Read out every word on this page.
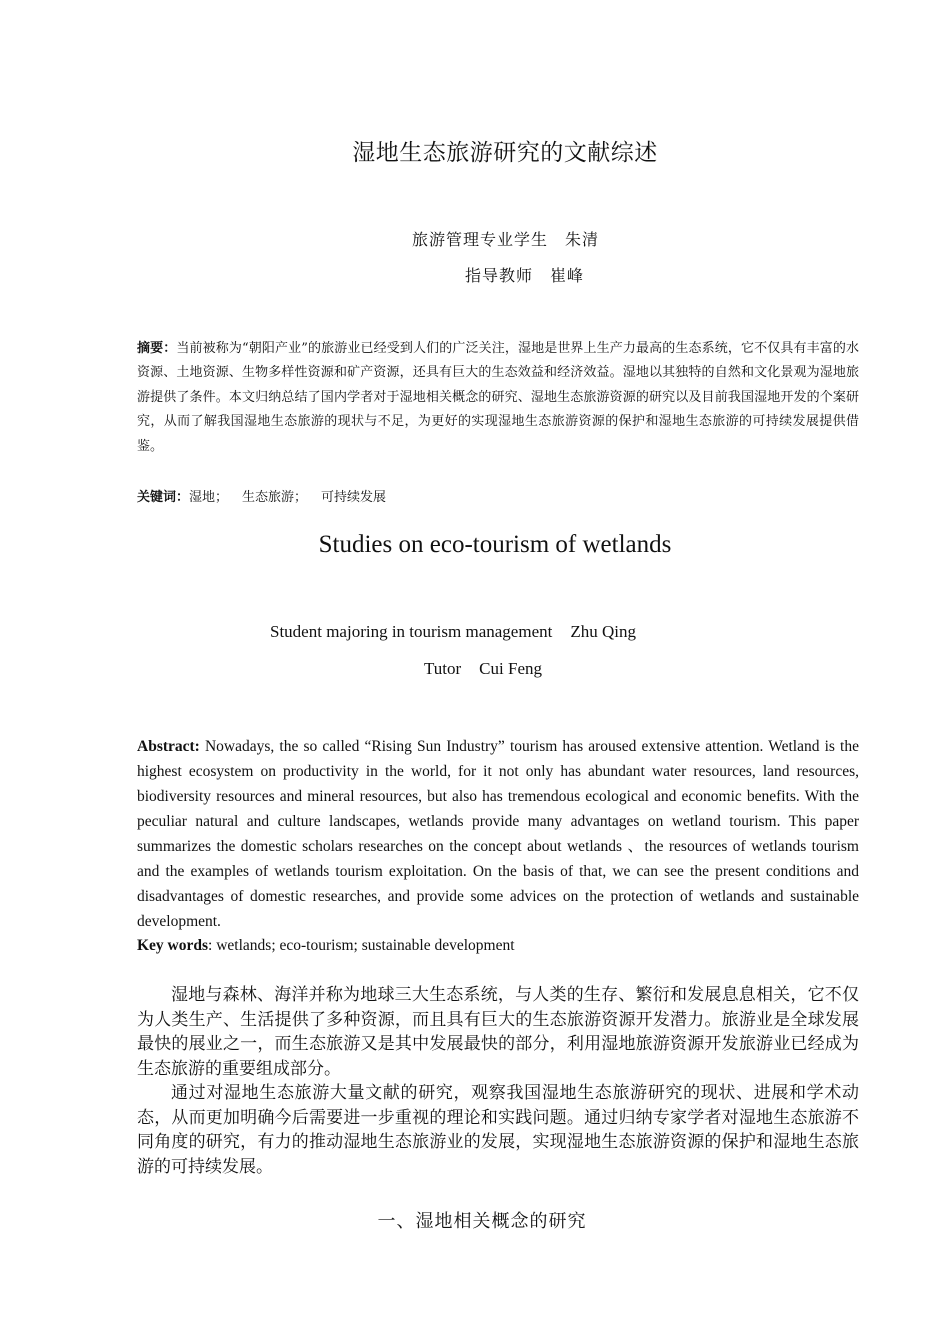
湿地生态旅游研究的文献综述
旅游管理专业学生　朱清
指导教师　崔峰
摘要：当前被称为“朝阳产业”的旅游业已经受到人们的广泛关注，湿地是世界上生产力最高的生态系统，它不仅具有丰富的水资源、土地资源、生物多样性资源和矿产资源，还具有巨大的生态效益和经济效益。湿地以其独特的自然和文化景观为湿地旅游提供了条件。本文归纳总结了国内学者对于湿地相关概念的研究、湿地生态旅游资源的研究以及目前我国湿地开发的个案研究，从而了解我国湿地生态旅游的现状与不足，为更好的实现湿地生态旅游资源的保护和湿地生态旅游的可持续发展提供借鉴。
关键词：湿地； 生态旅游； 可持续发展
Studies on eco-tourism of wetlands
Student majoring in tourism management Zhu Qing
Tutor Cui Feng
Abstract: Nowadays, the so called “Rising Sun Industry” tourism has aroused extensive attention. Wetland is the highest ecosystem on productivity in the world, for it not only has abundant water resources, land resources, biodiversity resources and mineral resources, but also has tremendous ecological and economic benefits. With the peculiar natural and culture landscapes, wetlands provide many advantages on wetland tourism. This paper summarizes the domestic scholars researches on the concept about wetlands 、the resources of wetlands tourism and the examples of wetlands tourism exploitation. On the basis of that, we can see the present conditions and disadvantages of domestic researches, and provide some advices on the protection of wetlands and sustainable development.
Key words: wetlands; eco-tourism; sustainable development

湿地与森林、海洋并称为地球三大生态系统，与人类的生存、繁衍和发展息息相关，它不仅为人类生产、生活提供了多种资源，而且具有巨大的生态旅游资源开发潜力。旅游业是全球发展最快的展业之一，而生态旅游又是其中发展最快的部分，利用湿地旅游资源开发旅游业已经成为生态旅游的重要组成部分。

通过对湿地生态旅游大量文献的研究，观察我国湿地生态旅游研究的现状、进展和学术动态，从而更加明确今后需要进一步重视的理论和实践问题。通过归纳专家学者对湿地生态旅游不同角度的研究，有力的推动湿地生态旅游业的发展，实现湿地生态旅游资源的保护和湿地生态旅游的可持续发展。

一、湿地相关概念的研究
